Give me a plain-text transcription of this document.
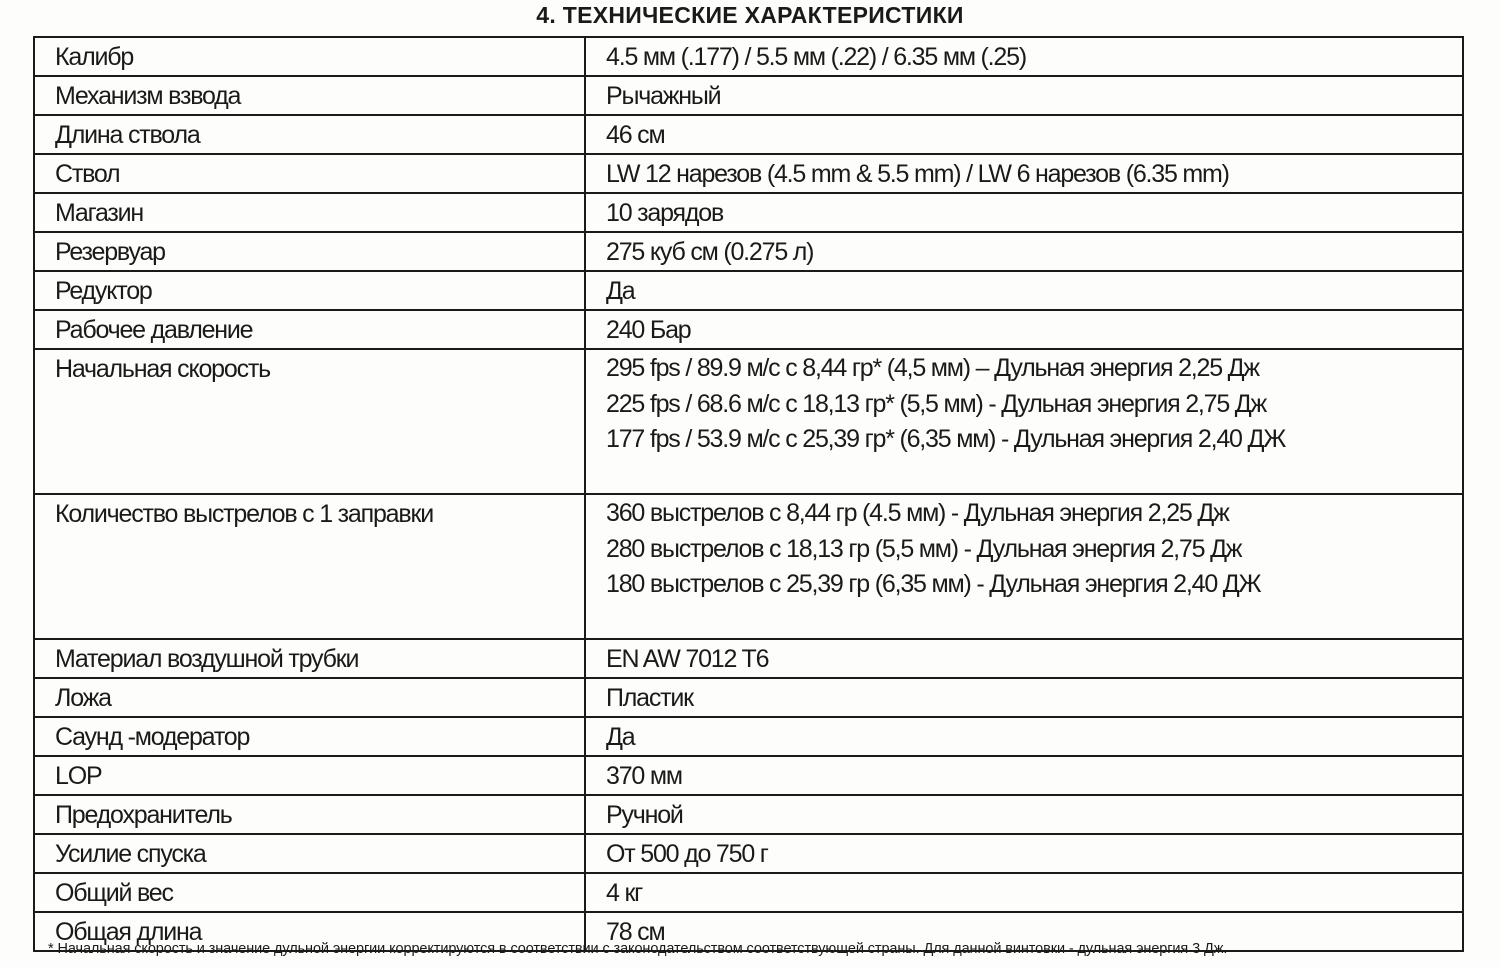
4. ТЕХНИЧЕСКИЕ ХАРАКТЕРИСТИКИ
Калибр	4.5 мм (.177) / 5.5 мм (.22) / 6.35 мм (.25)
Механизм взвода	Рычажный
Длина ствола	46 см
Ствол	LW 12 нарезов (4.5 mm & 5.5 mm) / LW 6 нарезов (6.35 mm)
Магазин	10 зарядов
Резервуар	275 куб см (0.275 л)
Редуктор	Да
Рабочее давление	240 Бар
Начальная скорость	295 fps / 89.9 м/с с 8,44 гр* (4,5 мм) – Дульная энергия 2,25 Дж
225 fps / 68.6 м/с с 18,13 гр* (5,5 мм) - Дульная энергия 2,75 Дж
177 fps / 53.9 м/с с 25,39 гр* (6,35 мм) - Дульная энергия 2,40 ДЖ

Количество выстрелов с 1 заправки	360 выстрелов с 8,44 гр (4.5 мм) - Дульная энергия 2,25 Дж
280 выстрелов с 18,13 гр (5,5 мм) - Дульная энергия 2,75 Дж
180 выстрелов с 25,39 гр (6,35 мм) - Дульная энергия 2,40 ДЖ

Материал воздушной трубки	EN AW 7012 T6
Ложа	Пластик
Саунд -модератор	Да
LOP	370 мм
Предохранитель	Ручной
Усилие спуска	От 500 до 750 г
Общий вес	4 кг
Общая длина	78 см
* Начальная скорость и значение дульной энергии корректируются в соответствии с законодательством соответствующей страны. Для данной винтовки - дульная энергия 3 Дж.
